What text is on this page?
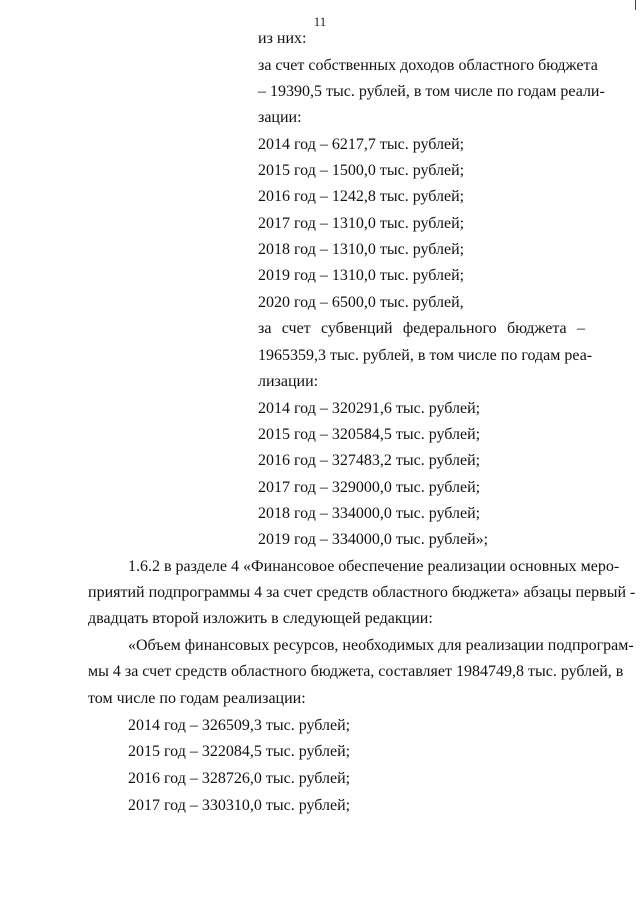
11
из них:
за счет собственных доходов областного бюджета
– 19390,5 тыс. рублей, в том числе по годам реали-
зации:
2014 год – 6217,7 тыс. рублей;
2015 год – 1500,0 тыс. рублей;
2016 год – 1242,8 тыс. рублей;
2017 год – 1310,0 тыс. рублей;
2018 год – 1310,0 тыс. рублей;
2019 год – 1310,0 тыс. рублей;
2020 год – 6500,0 тыс. рублей,
за счет субвенций федерального бюджета –
1965359,3 тыс. рублей, в том числе по годам реа-
лизации:
2014 год – 320291,6 тыс. рублей;
2015 год – 320584,5 тыс. рублей;
2016 год – 327483,2 тыс. рублей;
2017 год – 329000,0 тыс. рублей;
2018 год – 334000,0 тыс. рублей;
2019 год – 334000,0 тыс. рублей»;
1.6.2 в разделе 4 «Финансовое обеспечение реализации основных меро-
приятий подпрограммы 4 за счет средств областного бюджета» абзацы первый -
двадцать второй изложить в следующей редакции:
«Объем финансовых ресурсов, необходимых для реализации подпрограм-
мы 4 за счет средств областного бюджета, составляет 1984749,8 тыс. рублей, в
том числе по годам реализации:
2014 год – 326509,3 тыс. рублей;
2015 год – 322084,5 тыс. рублей;
2016 год – 328726,0 тыс. рублей;
2017 год – 330310,0 тыс. рублей;
